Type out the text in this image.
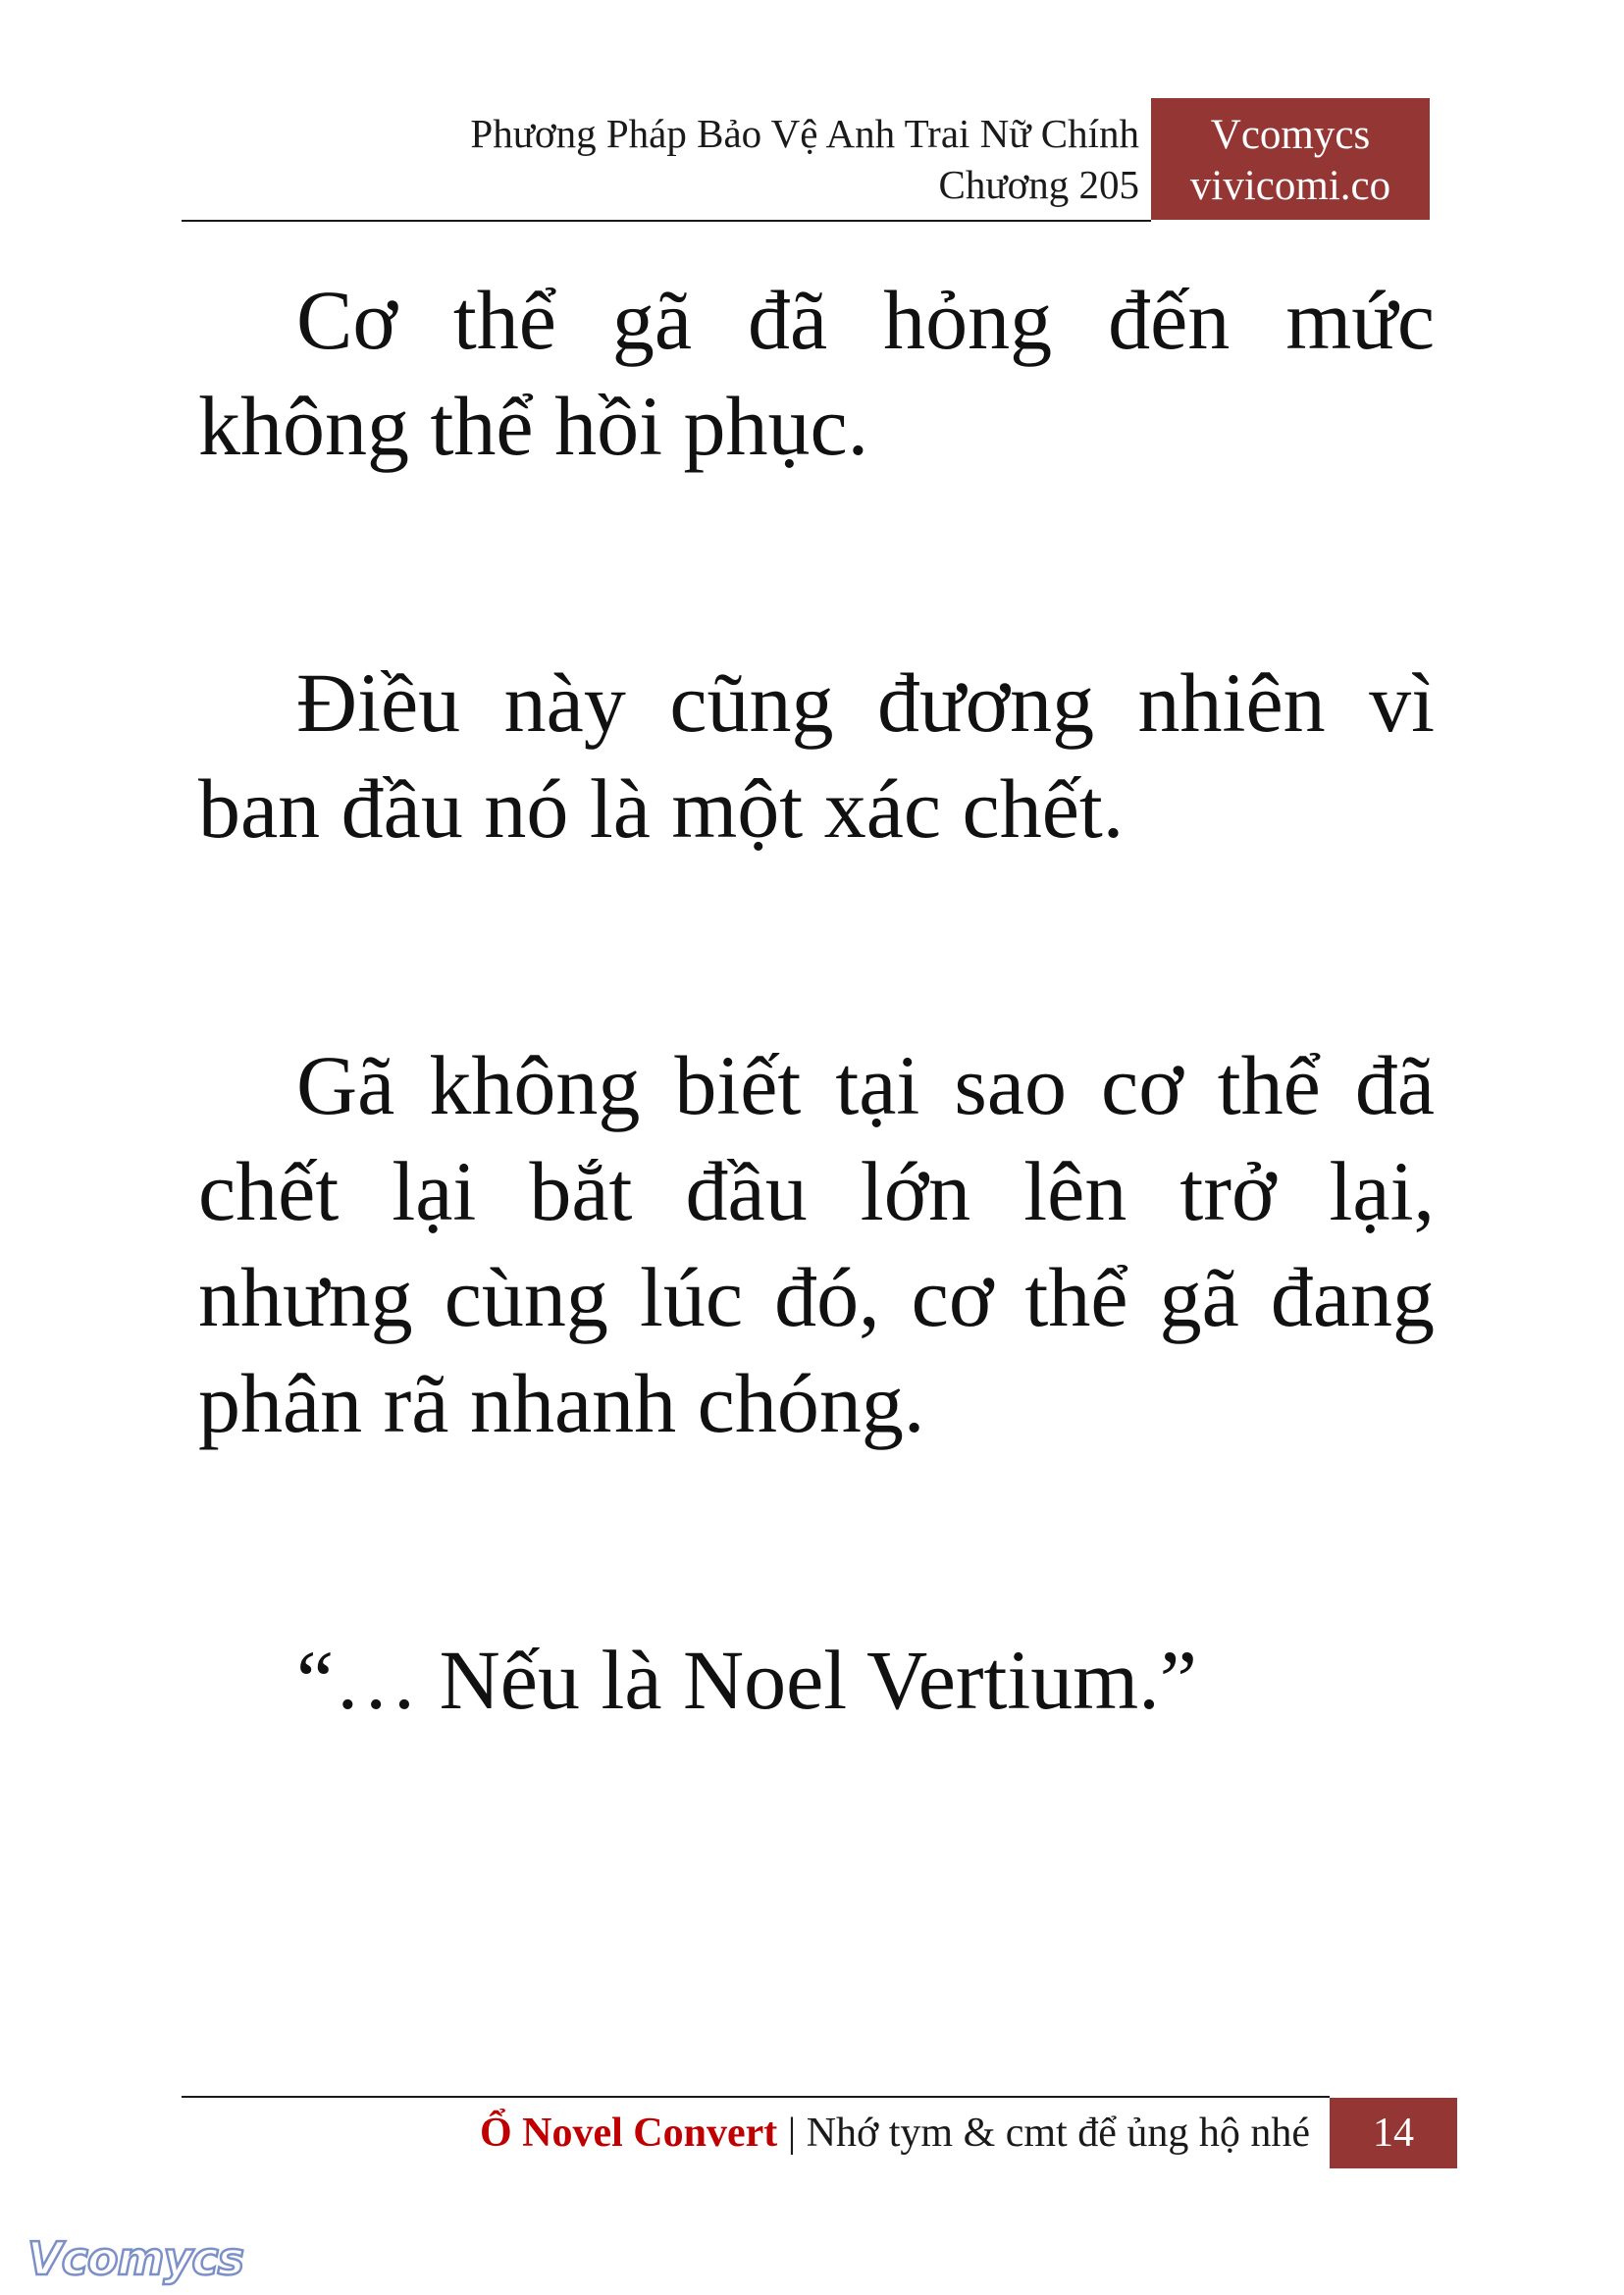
Phương Pháp Bảo Vệ Anh Trai Nữ Chính
Chương 205
Vcomycs
vivicomi.co

Cơ thể gã đã hỏng đến mức không thể hồi phục.

Điều này cũng đương nhiên vì ban đầu nó là một xác chết.

Gã không biết tại sao cơ thể đã chết lại bắt đầu lớn lên trở lại, nhưng cùng lúc đó, cơ thể gã đang phân rã nhanh chóng.

“… Nếu là Noel Vertium.”

Ổ Novel Convert | Nhớ tym & cmt để ủng hộ nhé	14
Vcomycs
